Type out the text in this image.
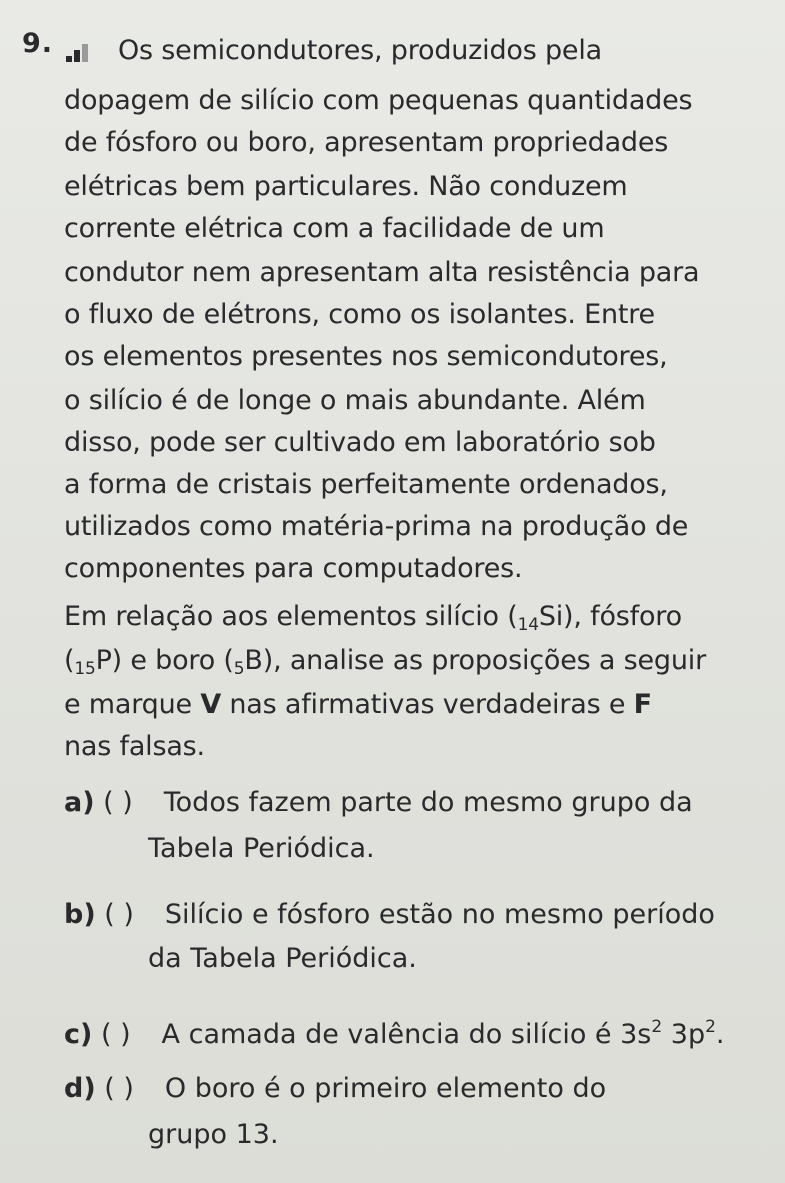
9. Os semicondutores, produzidos pela
dopagem de silício com pequenas quantidades
de fósforo ou boro, apresentam propriedades
elétricas bem particulares. Não conduzem
corrente elétrica com a facilidade de um
condutor nem apresentam alta resistência para
o fluxo de elétrons, como os isolantes. Entre
os elementos presentes nos semicondutores,
o silício é de longe o mais abundante. Além
disso, pode ser cultivado em laboratório sob
a forma de cristais perfeitamente ordenados,
utilizados como matéria-prima na produção de
componentes para computadores.
Em relação aos elementos silício $(_{14}Si)$, fósforo
$(_{15}P)$ e boro $(_5B)$, analise as proposições a seguir
e marque V nas afirmativas verdadeiras e F
nas falsas.
a) ( ) Todos fazem parte do mesmo grupo da
Tabela Periódica.
b) ( ) Silício e fósforo estão no mesmo período
da Tabela Periódica.
c) ( ) A camada de valência do silício é $3s^2$ $3p^2$.
d) ( ) O boro é o primeiro elemento do
grupo 13.
